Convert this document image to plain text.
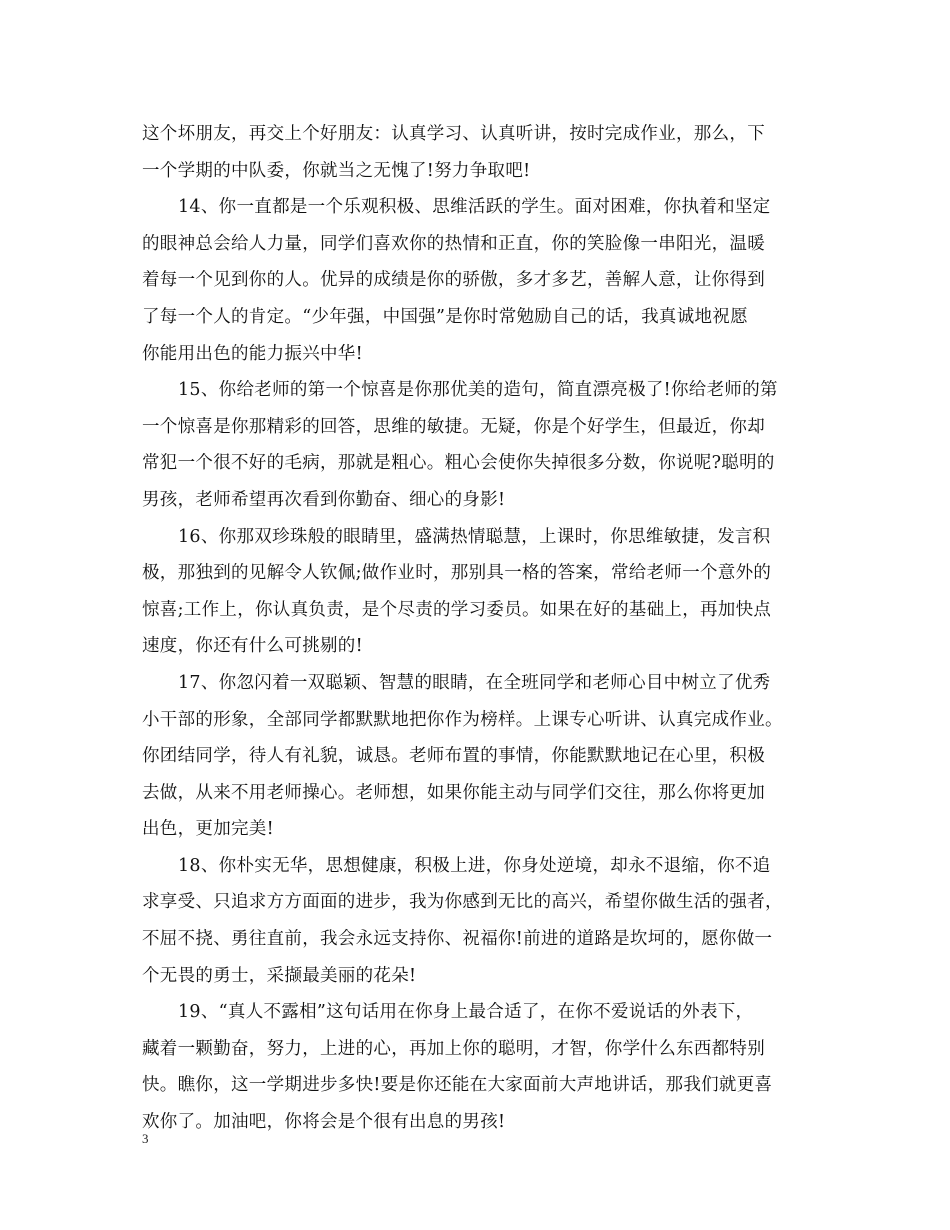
这个坏朋友，再交上个好朋友：认真学习、认真听讲，按时完成作业，那么，下
一个学期的中队委，你就当之无愧了!努力争取吧!
14、你一直都是一个乐观积极、思维活跃的学生。面对困难，你执着和坚定
的眼神总会给人力量，同学们喜欢你的热情和正直，你的笑脸像一串阳光，温暖
着每一个见到你的人。优异的成绩是你的骄傲，多才多艺，善解人意，让你得到
了每一个人的肯定。“少年强，中国强”是你时常勉励自己的话，我真诚地祝愿
你能用出色的能力振兴中华!
15、你给老师的第一个惊喜是你那优美的造句，简直漂亮极了!你给老师的第
一个惊喜是你那精彩的回答，思维的敏捷。无疑，你是个好学生，但最近，你却
常犯一个很不好的毛病，那就是粗心。粗心会使你失掉很多分数，你说呢?聪明的
男孩，老师希望再次看到你勤奋、细心的身影!
16、你那双珍珠般的眼睛里，盛满热情聪慧，上课时，你思维敏捷，发言积
极，那独到的见解令人钦佩;做作业时，那别具一格的答案，常给老师一个意外的
惊喜;工作上，你认真负责，是个尽责的学习委员。如果在好的基础上，再加快点
速度，你还有什么可挑剔的!
17、你忽闪着一双聪颖、智慧的眼睛，在全班同学和老师心目中树立了优秀
小干部的形象，全部同学都默默地把你作为榜样。上课专心听讲、认真完成作业。
你团结同学，待人有礼貌，诚恳。老师布置的事情，你能默默地记在心里，积极
去做，从来不用老师操心。老师想，如果你能主动与同学们交往，那么你将更加
出色，更加完美!
18、你朴实无华，思想健康，积极上进，你身处逆境，却永不退缩，你不追
求享受、只追求方方面面的进步，我为你感到无比的高兴，希望你做生活的强者，
不屈不挠、勇往直前，我会永远支持你、祝福你!前进的道路是坎坷的，愿你做一
个无畏的勇士，采撷最美丽的花朵!
19、“真人不露相”这句话用在你身上最合适了，在你不爱说话的外表下，
藏着一颗勤奋，努力，上进的心，再加上你的聪明，才智，你学什么东西都特别
快。瞧你，这一学期进步多快!要是你还能在大家面前大声地讲话，那我们就更喜
欢你了。加油吧，你将会是个很有出息的男孩!
3
